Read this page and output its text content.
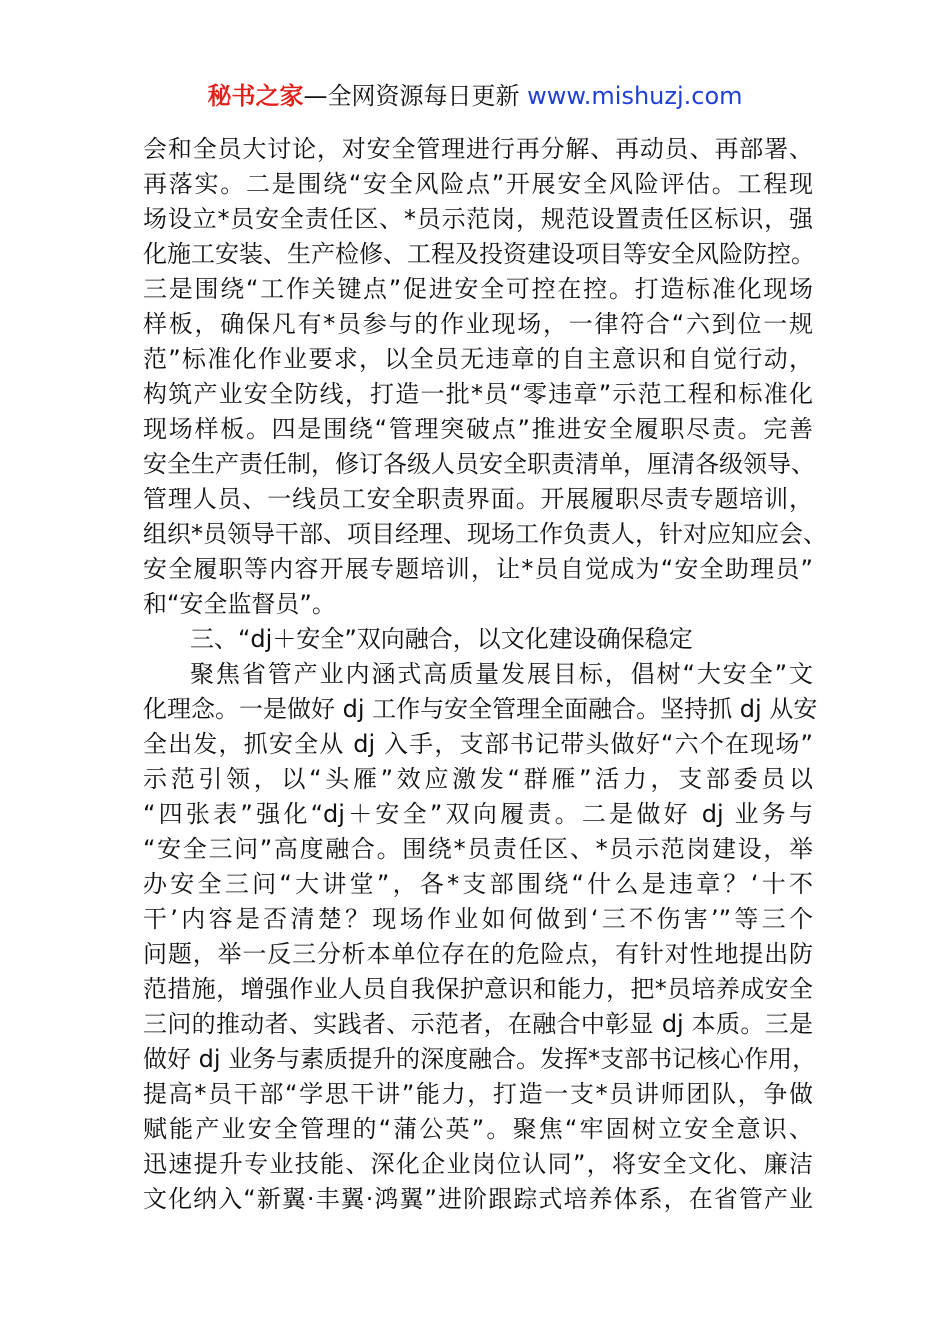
秘书之家—全网资源每日更新 www.mishuzj.com
会和全员大讨论，对安全管理进行再分解、再动员、再部署、
再落实。二是围绕“安全风险点”开展安全风险评估。工程现
场设立*员安全责任区、*员示范岗，规范设置责任区标识，强
化施工安装、生产检修、工程及投资建设项目等安全风险防控。
三是围绕“工作关键点”促进安全可控在控。打造标准化现场
样板，确保凡有*员参与的作业现场，一律符合“六到位一规
范”标准化作业要求，以全员无违章的自主意识和自觉行动，
构筑产业安全防线，打造一批*员“零违章”示范工程和标准化
现场样板。四是围绕“管理突破点”推进安全履职尽责。完善
安全生产责任制，修订各级人员安全职责清单，厘清各级领导、
管理人员、一线员工安全职责界面。开展履职尽责专题培训，
组织*员领导干部、项目经理、现场工作负责人，针对应知应会、
安全履职等内容开展专题培训，让*员自觉成为“安全助理员”
和“安全监督员”。
三、“dj＋安全”双向融合，以文化建设确保稳定
聚焦省管产业内涵式高质量发展目标，倡树“大安全”文
化理念。一是做好 dj 工作与安全管理全面融合。坚持抓 dj 从安
全出发，抓安全从 dj 入手，支部书记带头做好“六个在现场”
示范引领，以“头雁”效应激发“群雁”活力，支部委员以
“四张表”强化“dj＋安全”双向履责。二是做好 dj 业务与
“安全三问”高度融合。围绕*员责任区、*员示范岗建设，举
办安全三问“大讲堂”，各*支部围绕“什么是违章？‘十不
干’内容是否清楚？现场作业如何做到‘三不伤害’”等三个
问题，举一反三分析本单位存在的危险点，有针对性地提出防
范措施，增强作业人员自我保护意识和能力，把*员培养成安全
三问的推动者、实践者、示范者，在融合中彰显 dj 本质。三是
做好 dj 业务与素质提升的深度融合。发挥*支部书记核心作用，
提高*员干部“学思干讲”能力，打造一支*员讲师团队，争做
赋能产业安全管理的“蒲公英”。聚焦“牢固树立安全意识、
迅速提升专业技能、深化企业岗位认同”，将安全文化、廉洁
文化纳入“新翼·丰翼·鸿翼”进阶跟踪式培养体系，在省管产业
